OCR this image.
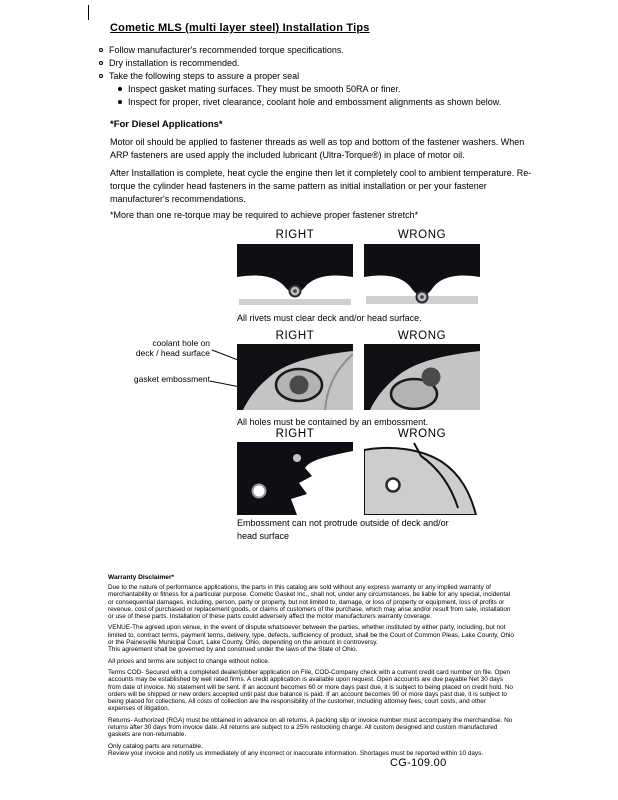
Cometic MLS (multi layer steel) Installation Tips
Follow manufacturer's recommended torque specifications.
Dry installation is recommended.
Take the following steps to assure a proper seal
Inspect gasket mating surfaces. They must be smooth 50RA or finer.
Inspect for proper, rivet clearance, coolant hole and embossment alignments as shown below.
*For Diesel Applications*
Motor oil should be applied to fastener threads as well as top and bottom of the fastener washers. When ARP fasteners are used apply the included lubricant (Ultra-Torque®) in place of motor oil.
After Installation is complete, heat cycle the engine then let it completely cool to ambient temperature. Re-torque the cylinder head fasteners in the same pattern as initial installation or per your fastener manufacturer's recommendations.
*More than one re-torque may be required to achieve proper fastener stretch*
RIGHT	WRONG
All rivets must clear deck and/or head surface.
RIGHT	WRONG
coolant hole on
deck / head surface
gasket embossment
All holes must be contained by an embossment.
RIGHT	WRONG
Embossment can not protrude outside of deck and/or head surface
Warranty Disclaimer*

Due to the nature of performance applications, the parts in this catalog are sold without any express warranty or any implied warranty of merchantability or fitness for a particular purpose. Cometic Gasket Inc., shall not, under any circumstances, be liable for any special, incidental or consequential damages, including, person, party or property, but not limited to, damage, or loss of property or equipment, loss of profits or revenue, cost of purchased or replacement goods, or claims of customers of the purchase, which may arise and/or result from sale, installation or use of these parts. Installation of these parts could adversely affect the motor manufacturers warranty coverage.

VENUE-The agreed upon venue, in the event of dispute whatsoever between the parties, whether instituted by either party, including, but not limited to, contract terms, payment terms, delivery, type, defects, sufficiency of product, shall be the Court of Common Pleas, Lake County, Ohio or the Painesville Municipal Court, Lake County, Ohio, depending on the amount in controversy.

This agreement shall be governed by and construed under the laws of the State of Ohio.

All prices and terms are subject to change without notice.

Terms COD- Secured with a completed dealer/jobber application on File, COD-Company check with a current credit card number on file. Open accounts may be established by well rated firms. A credit application is available upon request. Open accounts are due payable Net 30 days from date of invoice. No statement will be sent. If an account becomes 60 or more days past due, it is subject to being placed on credit hold. No orders will be shipped or new orders accepted until past due balance is paid. If an account becomes 90 or more days past due, it is subject to being placed for collections. All costs of collection are the responsibility of the customer, including attorney fees, court costs, and other expenses of litigation.

Returns- Authorized (RGA) must be obtained in advance on all returns. A packing slip or invoice number must accompany the merchandise. No returns after 30 days from invoice date. All returns are subject to a 25% restocking charge. All custom designed and custom manufactured gaskets are non-returnable.

Only catalog parts are returnable.

Review your invoice and notify us immediately of any incorrect or inaccurate information. Shortages must be reported within 10 days.

CG-109.00
